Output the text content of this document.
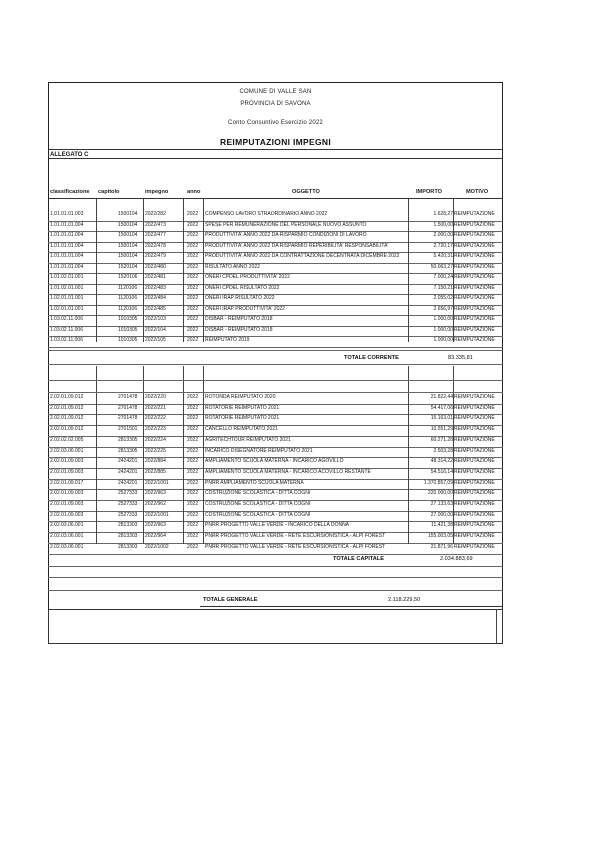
COMUNE DI VALLE SAN
PROVINCIA DI SAVONA
Conto Consuntivo Esercizio 2022
REIMPUTAZIONI IMPEGNI
ALLEGATO C
classificazione capitolo	impegno	anno	OGGETTO	IMPORTO	MOTIVO
1.01.01.01.003	1500104 2022/282	2022 COMPENSO LAVORO STRAORDINARIO ANNO 2022	1.628,27 REIMPUTAZIONE
1.01.01.01.004	1500104 2022/473	2022 SPESE PER REMUNERAZIONE DEL PERSONALE NUOVO ASSUNTO	1.500,00 REIMPUTAZIONE
1.01.01.01.004	1500104 2022/477	2022 PRODUTTIVITA' ANNO 2022 DA RISPARMIO CONDIZIONI DI LAVORO	2.000,00 REIMPUTAZIONE
1.01.01.01.004	1500104 2022/478	2022 PRODUTTIVITA' ANNO 2022 DA RISPARMIO REPERIBILITA' RESPONSABILITA'	2.720,17 REIMPUTAZIONE
1.01.01.01.004	1500104 2022/479	2022 PRODUTTIVITA' ANNO 2022 DA CONTRATTAZIONE DECENTRATA DICEMBRE 2022	5.420,31 REIMPUTAZIONE
1.01.01.01.004	1520104 2022/480	2022 RISULTATO ANNO 2022	50.063,27 REIMPUTAZIONE
1.01.02.01.001	1520106 2022/481	2022 ONERI CPDEL PRODUTTIVITA' 2022	7.000,24 REIMPUTAZIONE
1.01.02.01.001	1120106 2022/483	2022 ONERI CPDEL RISULTATO 2022	7.150,21 REIMPUTAZIONE
1.02.01.01.001	1120106 2022/484	2022 ONERI IRAP RISULTATO 2022	2.055,02 REIMPUTAZIONE
1.02.01.01.001	1120106 2022/485	2022 ONERI IRAP PRODUTTIVITA' 2022	2.656,97 REIMPUTAZIONE
1.03.02.11.006	1010305 2022/103	2022 DISBAR - REIMPUTATO 2018	1.000,00 REIMPUTAZIONE
1.03.02.11.006	1010305 2022/104	2022 DISBAR - REIMPUTATO 2018	1.000,00 REIMPUTAZIONE
1.03.02.11.006	1010305 2022/105	2022 REIMPUTATO 2019	1.000,00 REIMPUTAZIONE
2.02.01.09.012	2701478 2022/220	2022 ROTONDA REIMPUTATO 2020	21.822,44 REIMPUTAZIONE
2.02.01.09.012	2701478 2022/221	2022 ROTATORIE REIMPUTATO 2021	54.417,06 REIMPUTAZIONE
2.02.01.09.012	2701478 2022/222	2022 ROTATORIE REIMPUTATO 2021	15.163,01 REIMPUTAZIONE
2.02.01.09.012	2701501 2022/223	2022 CANCELLO REIMPUTATO 2021	10.551,29 REIMPUTAZIONE
2.02.02.02.005	2813305 2022/224	2022 AGRITECHTOUR REIMPUTATO 2021	60.271,28 REIMPUTAZIONE
2.02.03.06.001	2813305 2022/225	2022 INCARICO DISEGNATORE REIMPUTATO 2021	2.503,28 REIMPUTAZIONE
2.02.01.09.003	2424201 2022/884	2022 AMPLIAMENTO SCUOLA MATERNA - INCARICO AGOVILLO	48.314,22 REIMPUTAZIONE
2.02.01.09.003	2424201 2022/885	2022 AMPLIAMENTO SCUOLA MATERNA - INCARICO ACOVILLO RESTANTE	54.516,14 REIMPUTAZIONE
2.02.01.09.017	2424201 2022/1001	2022 PNRR AMPLIAMENTO SCUOLA MATERNA	1.370.857,09 REIMPUTAZIONE
2.02.01.09.003	2527333 2022/963	2022 COSTRUZIONE SCOLASTICA - DITTA COGNI	220.000,00 REIMPUTAZIONE
2.02.01.09.003	2527333 2022/962	2022 COSTRUZIONE SCOLASTICA - DITTA COGNI	27.133,63 REIMPUTAZIONE
2.02.01.09.003	2527333 2022/1001	2022 COSTRUZIONE SCOLASTICA - DITTA COGNI	27.000,00 REIMPUTAZIONE
2.02.03.06.001	2813303 2022/963	2022 PNRR PROGETTO VALLE VERDE - INCARICO DELLA DONNA	11.421,38 REIMPUTAZIONE
2.02.03.06.001	2813303 2022/964	2022 PNRR PROGETTO VALLE VERDE - RETE ESCURSIONISTICA - ALPI FOREST	155.003,05 REIMPUTAZIONE
2.02.03.06.001	2813303 2022/1002	2022 PNRR PROGETTO VALLE VERDE - RETE ESCURSIONISTICA - ALPI FOREST	21.871,96 REIMPUTAZIONE
TOTALE CORRENTE	83.335,81
TOTALE CAPITALE	2.034.883,69
TOTALE GENERALE	2.118.229,50
